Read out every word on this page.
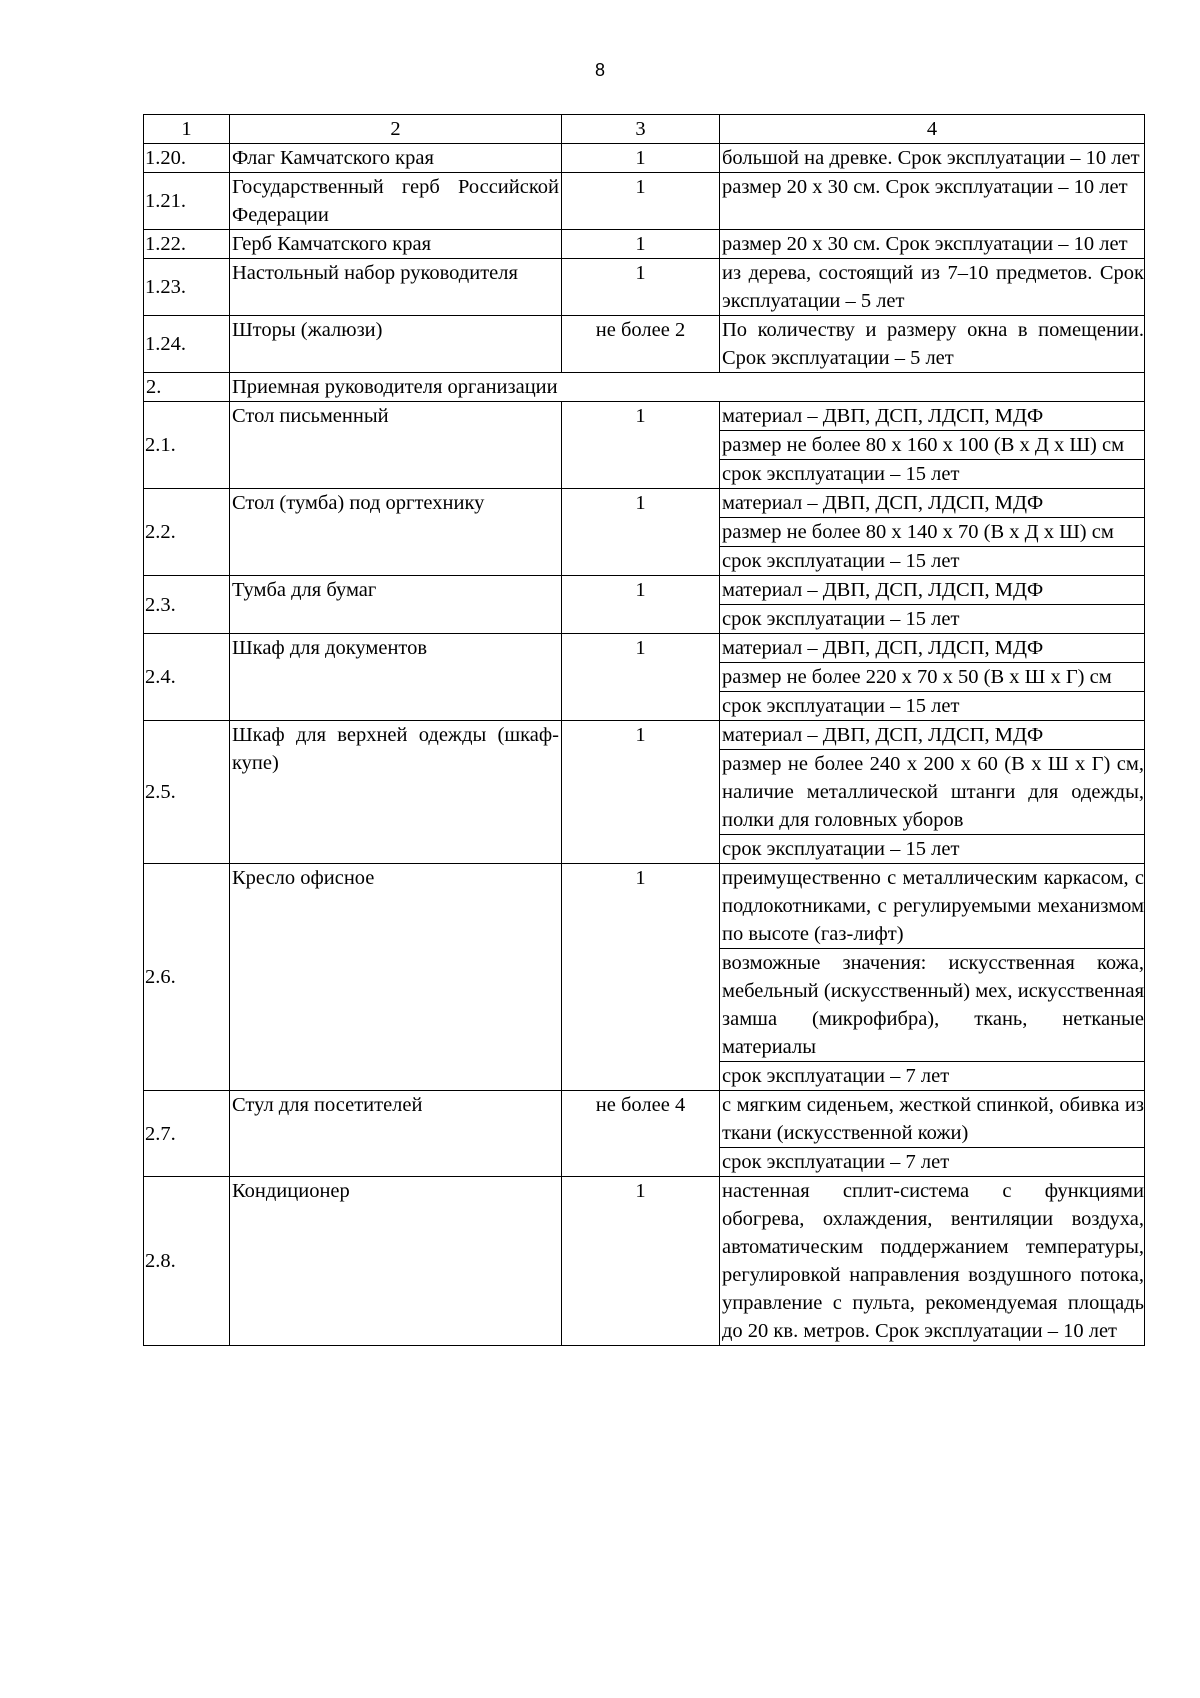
8
1	2	3	4
1.20.	Флаг Камчатского края	1	большой на древке. Срок эксплуатации – 10 лет
1.21.	Государственный герб Российской Федерации	1	размер 20 х 30 см. Срок эксплуатации – 10 лет
1.22.	Герб Камчатского края	1	размер 20 х 30 см. Срок эксплуатации – 10 лет
1.23.	Настольный набор руководителя	1	из дерева, состоящий из 7–10 предметов. Срок эксплуатации – 5 лет
1.24.	Шторы (жалюзи)	не более 2	По количеству и размеру окна в помещении. Срок эксплуатации – 5 лет
2.	Приемная руководителя организации		
2.1.	Стол письменный	1	материал – ДВП, ДСП, ЛДСП, МДФ
размер не более 80 х 160 х 100 (В х Д х Ш) см
срок эксплуатации – 15 лет

2.2.	Стол (тумба) под оргтехнику	1	материал – ДВП, ДСП, ЛДСП, МДФ
размер не более 80 х 140 х 70 (В х Д х Ш) см
срок эксплуатации – 15 лет

2.3.	Тумба для бумаг	1	материал – ДВП, ДСП, ЛДСП, МДФ
срок эксплуатации – 15 лет

2.4.	Шкаф для документов	1	материал – ДВП, ДСП, ЛДСП, МДФ
размер не более 220 х 70 х 50 (В х Ш х Г) см
срок эксплуатации – 15 лет

2.5.	Шкаф для верхней одежды (шкаф-купе)	1	материал – ДВП, ДСП, ЛДСП, МДФ
размер не более 240 х 200 х 60 (В х Ш х Г) см, наличие металлической штанги для одежды, полки для головных уборов
срок эксплуатации – 15 лет

2.6.	Кресло офисное	1	преимущественно с металлическим каркасом, с подлокотниками, с регулируемыми механизмом по высоте (газ-лифт)
возможные значения: искусственная кожа, мебельный (искусственный) мех, искусственная замша (микрофибра), ткань, нетканые материалы
срок эксплуатации – 7 лет

2.7.	Стул для посетителей	не более 4	с мягким сиденьем, жесткой спинкой, обивка из ткани (искусственной кожи)
срок эксплуатации – 7 лет

2.8.	Кондиционер	1	настенная сплит-система с функциями обогрева, охлаждения, вентиляции воздуха, автоматическим поддержанием температуры, регулировкой направления воздушного потока, управление с пульта, рекомендуемая площадь до 20 кв. метров. Срок эксплуатации – 10 лет
